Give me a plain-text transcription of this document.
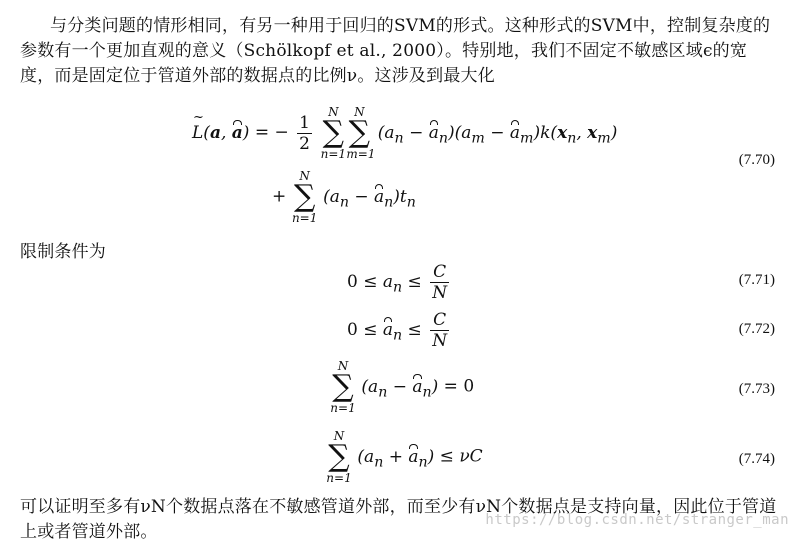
与分类问题的情形相同，有另一种用于回归的SVM的形式。这种形式的SVM中，控制复杂度的参数有一个更加直观的意义（Schölkopf et al., 2000）。特别地，我们不固定不敏感区域ϵ的宽度，而是固定位于管道外部的数据点的比例ν。这涉及到最大化
~ L(a, a) = − $\frac{1}{2}$

N
∑
n=1
N
∑
m=1
$(a_n - a_n)(a_m - a_m)k(x_n$, $x_m$)
(7.70)
+
N
∑
n=1
$(a_n - a_n)t_n$
限制条件为
$0 \le a_n \le \frac{C}{N}$	(7.71)
$0 \le a_n \le \frac{C}{N}$	(7.72)
N
∑
n=1
$(a_n - a_n) = 0$	(7.73)
N
∑
n=1
$(a_n + a_n) \le \nu C$	(7.74)
可以证明至多有νN个数据点落在不敏感管道外部，而至少有νN个数据点是支持向量，因此位于管道上或者管道外部。
https://blog.csdn.net/stranger_man
